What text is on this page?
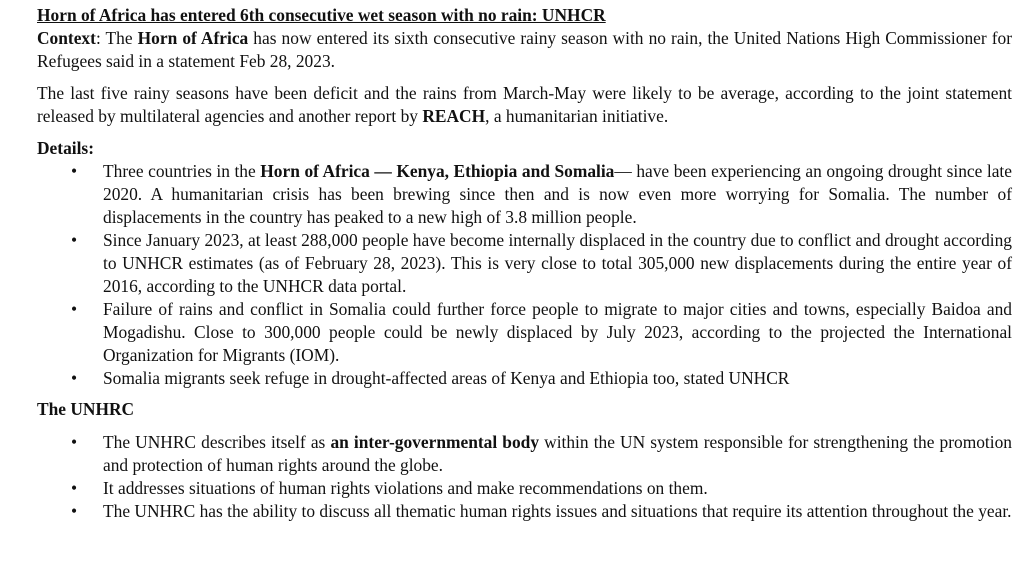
Horn of Africa has entered 6th consecutive wet season with no rain: UNHCR

Context: The Horn of Africa has now entered its sixth consecutive rainy season with no rain, the United Nations High Commissioner for Refugees said in a statement Feb 28, 2023.

The last five rainy seasons have been deficit and the rains from March-May were likely to be average, according to the joint statement released by multilateral agencies and another report by REACH, a humanitarian initiative.

Details:
• Three countries in the Horn of Africa — Kenya, Ethiopia and Somalia— have been experiencing an ongoing drought since late 2020. A humanitarian crisis has been brewing since then and is now even more worrying for Somalia. The number of displacements in the country has peaked to a new high of 3.8 million people.
• Since January 2023, at least 288,000 people have become internally displaced in the country due to conflict and drought according to UNHCR estimates (as of February 28, 2023). This is very close to total 305,000 new displacements during the entire year of 2016, according to the UNHCR data portal.
• Failure of rains and conflict in Somalia could further force people to migrate to major cities and towns, especially Baidoa and Mogadishu. Close to 300,000 people could be newly displaced by July 2023, according to the projected the International Organization for Migrants (IOM).
• Somalia migrants seek refuge in drought-affected areas of Kenya and Ethiopia too, stated UNHCR
The UNHRC
• The UNHRC describes itself as an inter-governmental body within the UN system responsible for strengthening the promotion and protection of human rights around the globe.
• It addresses situations of human rights violations and make recommendations on them.
• The UNHRC has the ability to discuss all thematic human rights issues and situations that require its attention throughout the year.
